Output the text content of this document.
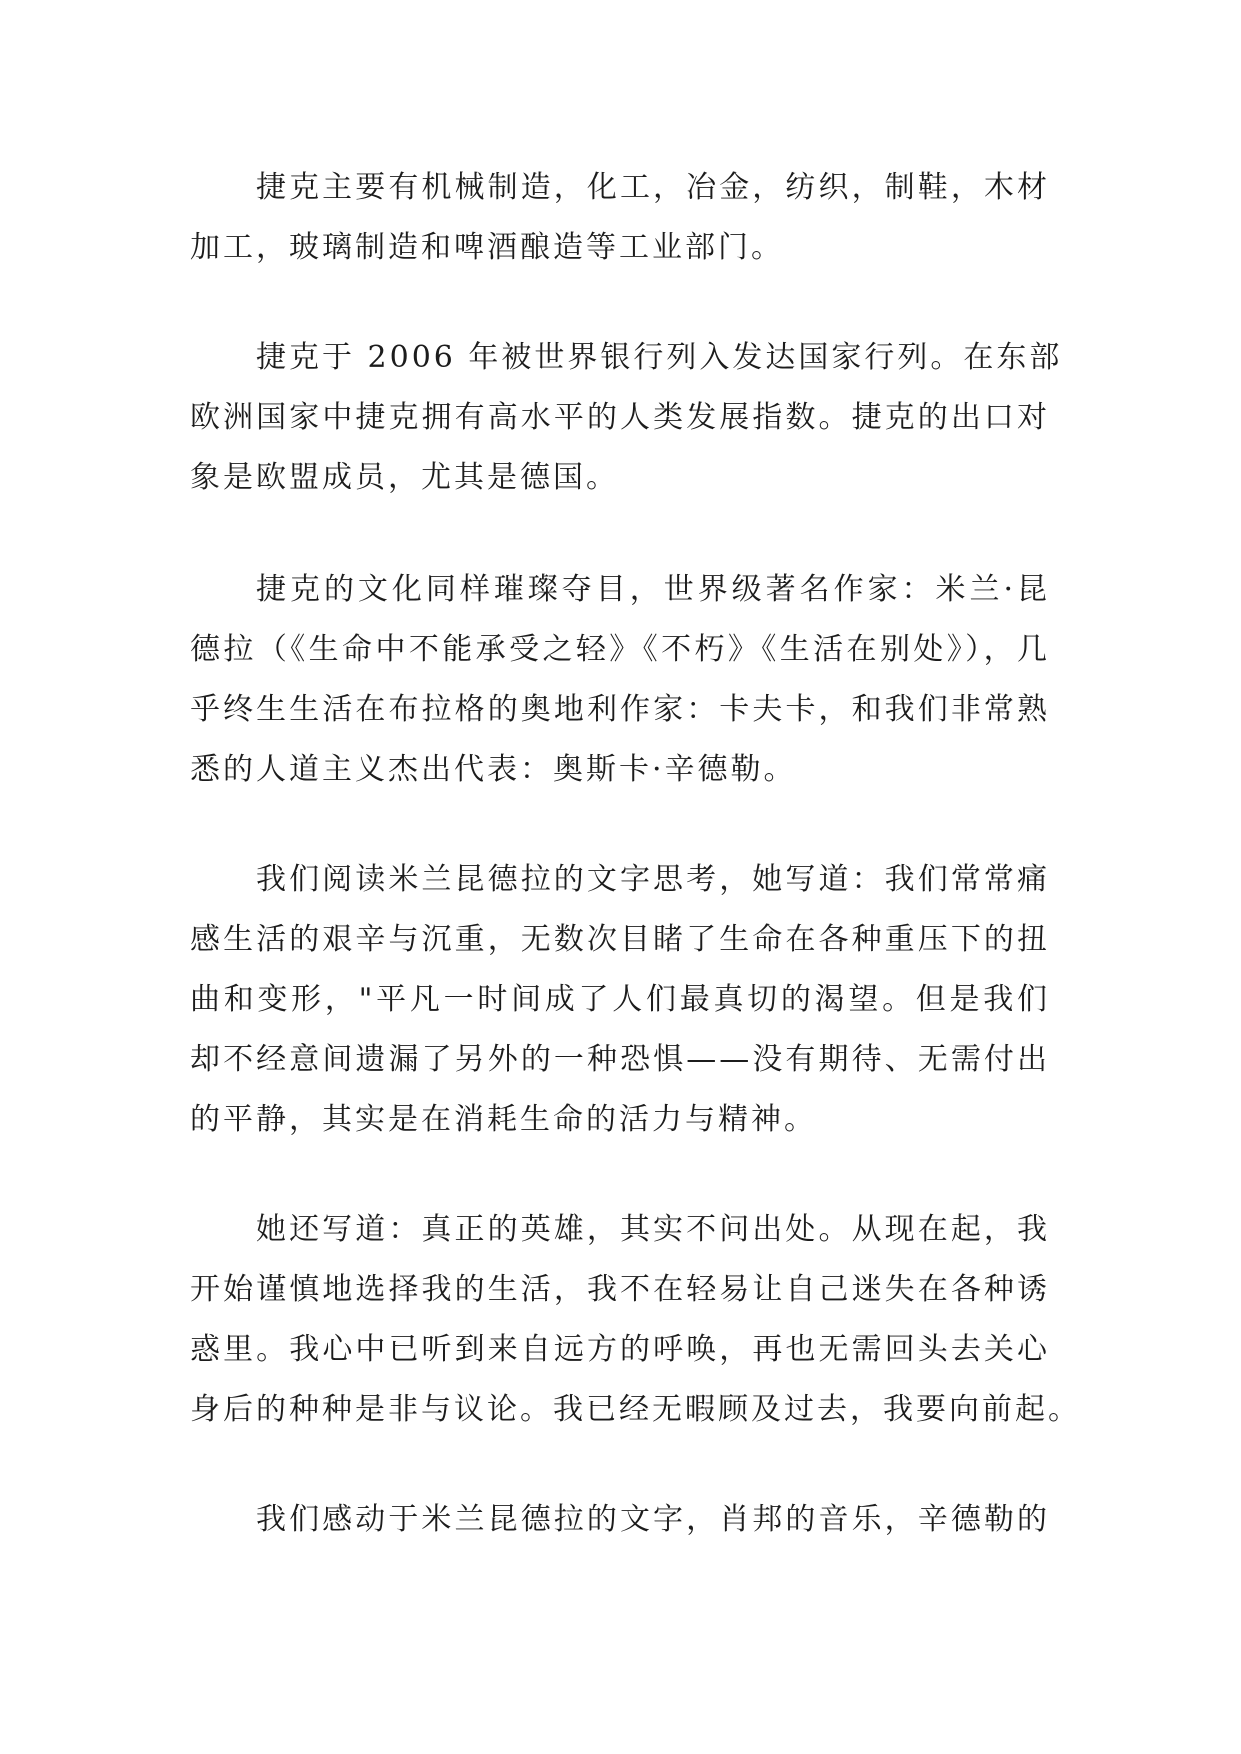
捷克主要有机械制造，化工，冶金，纺织，制鞋，木材
加工，玻璃制造和啤酒酿造等工业部门。

捷克于 2006 年被世界银行列入发达国家行列。在东部
欧洲国家中捷克拥有高水平的人类发展指数。捷克的出口对
象是欧盟成员，尤其是德国。

捷克的文化同样璀璨夺目，世界级著名作家：米兰·昆
德拉（《生命中不能承受之轻》《不朽》《生活在别处》），几
乎终生生活在布拉格的奥地利作家：卡夫卡，和我们非常熟
悉的人道主义杰出代表：奥斯卡·辛德勒。

我们阅读米兰昆德拉的文字思考，她写道：我们常常痛
感生活的艰辛与沉重，无数次目睹了生命在各种重压下的扭
曲和变形，"平凡一时间成了人们最真切的渴望。但是我们
却不经意间遗漏了另外的一种恐惧——没有期待、无需付出
的平静，其实是在消耗生命的活力与精神。

她还写道：真正的英雄，其实不问出处。从现在起，我
开始谨慎地选择我的生活，我不在轻易让自己迷失在各种诱
惑里。我心中已听到来自远方的呼唤，再也无需回头去关心
身后的种种是非与议论。我已经无暇顾及过去，我要向前起。

我们感动于米兰昆德拉的文字，肖邦的音乐，辛德勒的
